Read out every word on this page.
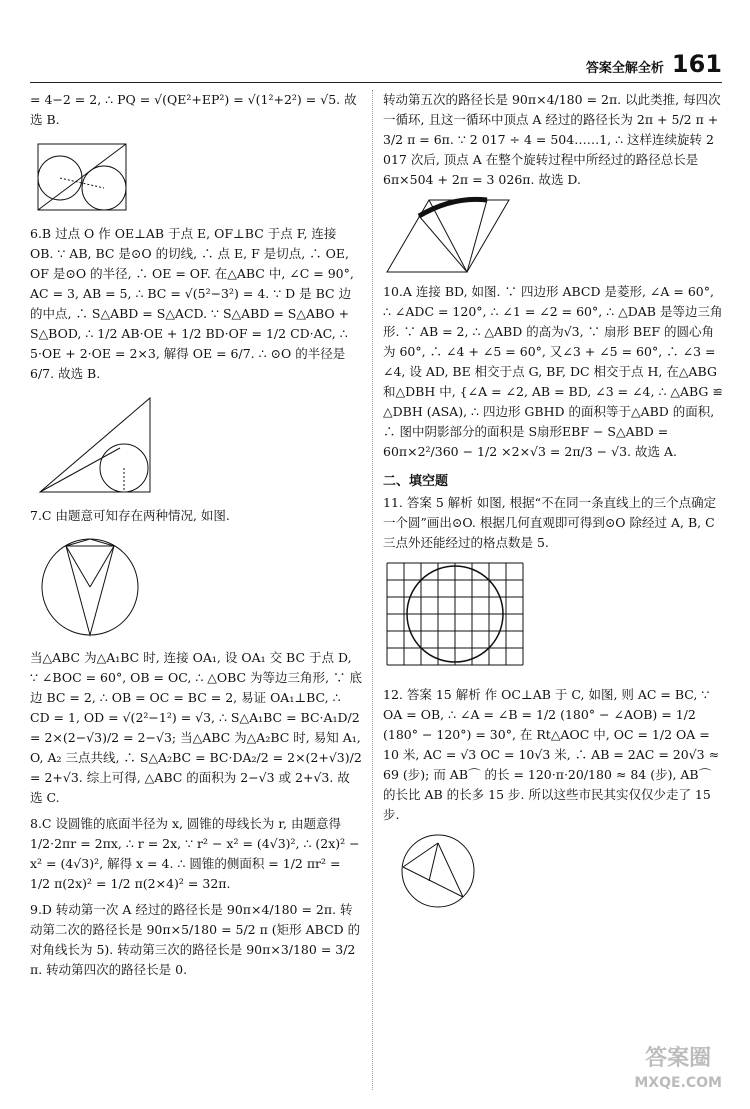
答案全解全析 161

= 4−2 = 2, ∴ PQ = √(QE²+EP²) = √(1²+2²) = √5. 故选 B.

6.B 过点 O 作 OE⊥AB 于点 E, OF⊥BC 于点 F, 连接 OB. ∵ AB, BC 是⊙O 的切线, ∴ 点 E, F 是切点, ∴ OE, OF 是⊙O 的半径, ∴ OE = OF. 在△ABC 中, ∠C = 90°, AC = 3, AB = 5, ∴ BC = √(5²−3²) = 4. ∵ D 是 BC 边的中点, ∴ S△ABD = S△ACD. ∵ S△ABD = S△ABO + S△BOD, ∴ 1/2 AB·OE + 1/2 BD·OF = 1/2 CD·AC, ∴ 5·OE + 2·OE = 2×3, 解得 OE = 6/7. ∴ ⊙O 的半径是 6/7. 故选 B.

7.C 由题意可知存在两种情况, 如图.

当△ABC 为△A₁BC 时, 连接 OA₁, 设 OA₁ 交 BC 于点 D, ∵ ∠BOC = 60°, OB = OC, ∴ △OBC 为等边三角形, ∵ 底边 BC = 2, ∴ OB = OC = BC = 2, 易证 OA₁⊥BC, ∴ CD = 1, OD = √(2²−1²) = √3, ∴ S△A₁BC = BC·A₁D/2 = 2×(2−√3)/2 = 2−√3; 当△ABC 为△A₂BC 时, 易知 A₁, O, A₂ 三点共线, ∴ S△A₂BC = BC·DA₂/2 = 2×(2+√3)/2 = 2+√3. 综上可得, △ABC 的面积为 2−√3 或 2+√3. 故选 C.

8.C 设圆锥的底面半径为 x, 圆锥的母线长为 r, 由题意得 1/2·2πr = 2πx, ∴ r = 2x, ∵ r² − x² = (4√3)², ∴ (2x)² − x² = (4√3)², 解得 x = 4. ∴ 圆锥的侧面积 = 1/2 πr² = 1/2 π(2x)² = 1/2 π(2×4)² = 32π.

9.D 转动第一次 A 经过的路径长是 90π×4/180 = 2π. 转动第二次的路径长是 90π×5/180 = 5/2 π (矩形 ABCD 的对角线长为 5). 转动第三次的路径长是 90π×3/180 = 3/2 π. 转动第四次的路径长是 0.

转动第五次的路径长是 90π×4/180 = 2π. 以此类推, 每四次一循环, 且这一循环中顶点 A 经过的路径长为 2π + 5/2 π + 3/2 π = 6π. ∵ 2 017 ÷ 4 = 504……1, ∴ 这样连续旋转 2 017 次后, 顶点 A 在整个旋转过程中所经过的路径总长是 6π×504 + 2π = 3 026π. 故选 D.

10.A 连接 BD, 如图. ∵ 四边形 ABCD 是菱形, ∠A = 60°, ∴ ∠ADC = 120°, ∴ ∠1 = ∠2 = 60°, ∴ △DAB 是等边三角形. ∵ AB = 2, ∴ △ABD 的高为√3, ∵ 扇形 BEF 的圆心角为 60°, ∴ ∠4 + ∠5 = 60°, 又∠3 + ∠5 = 60°, ∴ ∠3 = ∠4, 设 AD, BE 相交于点 G, BF, DC 相交于点 H, 在△ABG 和△DBH 中, {∠A = ∠2, AB = BD, ∠3 = ∠4, ∴ △ABG ≌ △DBH (ASA), ∴ 四边形 GBHD 的面积等于△ABD 的面积, ∴ 图中阴影部分的面积是 S扇形EBF − S△ABD = 60π×2²/360 − 1/2 ×2×√3 = 2π/3 − √3. 故选 A.

二、填空题

11. 答案 5 解析 如图, 根据“不在同一条直线上的三个点确定一个圆”画出⊙O. 根据几何直观即可得到⊙O 除经过 A, B, C 三点外还能经过的格点数是 5.

12. 答案 15 解析 作 OC⊥AB 于 C, 如图, 则 AC = BC, ∵ OA = OB, ∴ ∠A = ∠B = 1/2 (180° − ∠AOB) = 1/2 (180° − 120°) = 30°, 在 Rt△AOC 中, OC = 1/2 OA = 10 米, AC = √3 OC = 10√3 米, ∴ AB = 2AC = 20√3 ≈ 69 (步); 而 AB⌒ 的长 = 120·π·20/180 ≈ 84 (步), AB⌒ 的长比 AB 的长多 15 步. 所以这些市民其实仅仅少走了 15 步.

答案圈
MXQE.COM
